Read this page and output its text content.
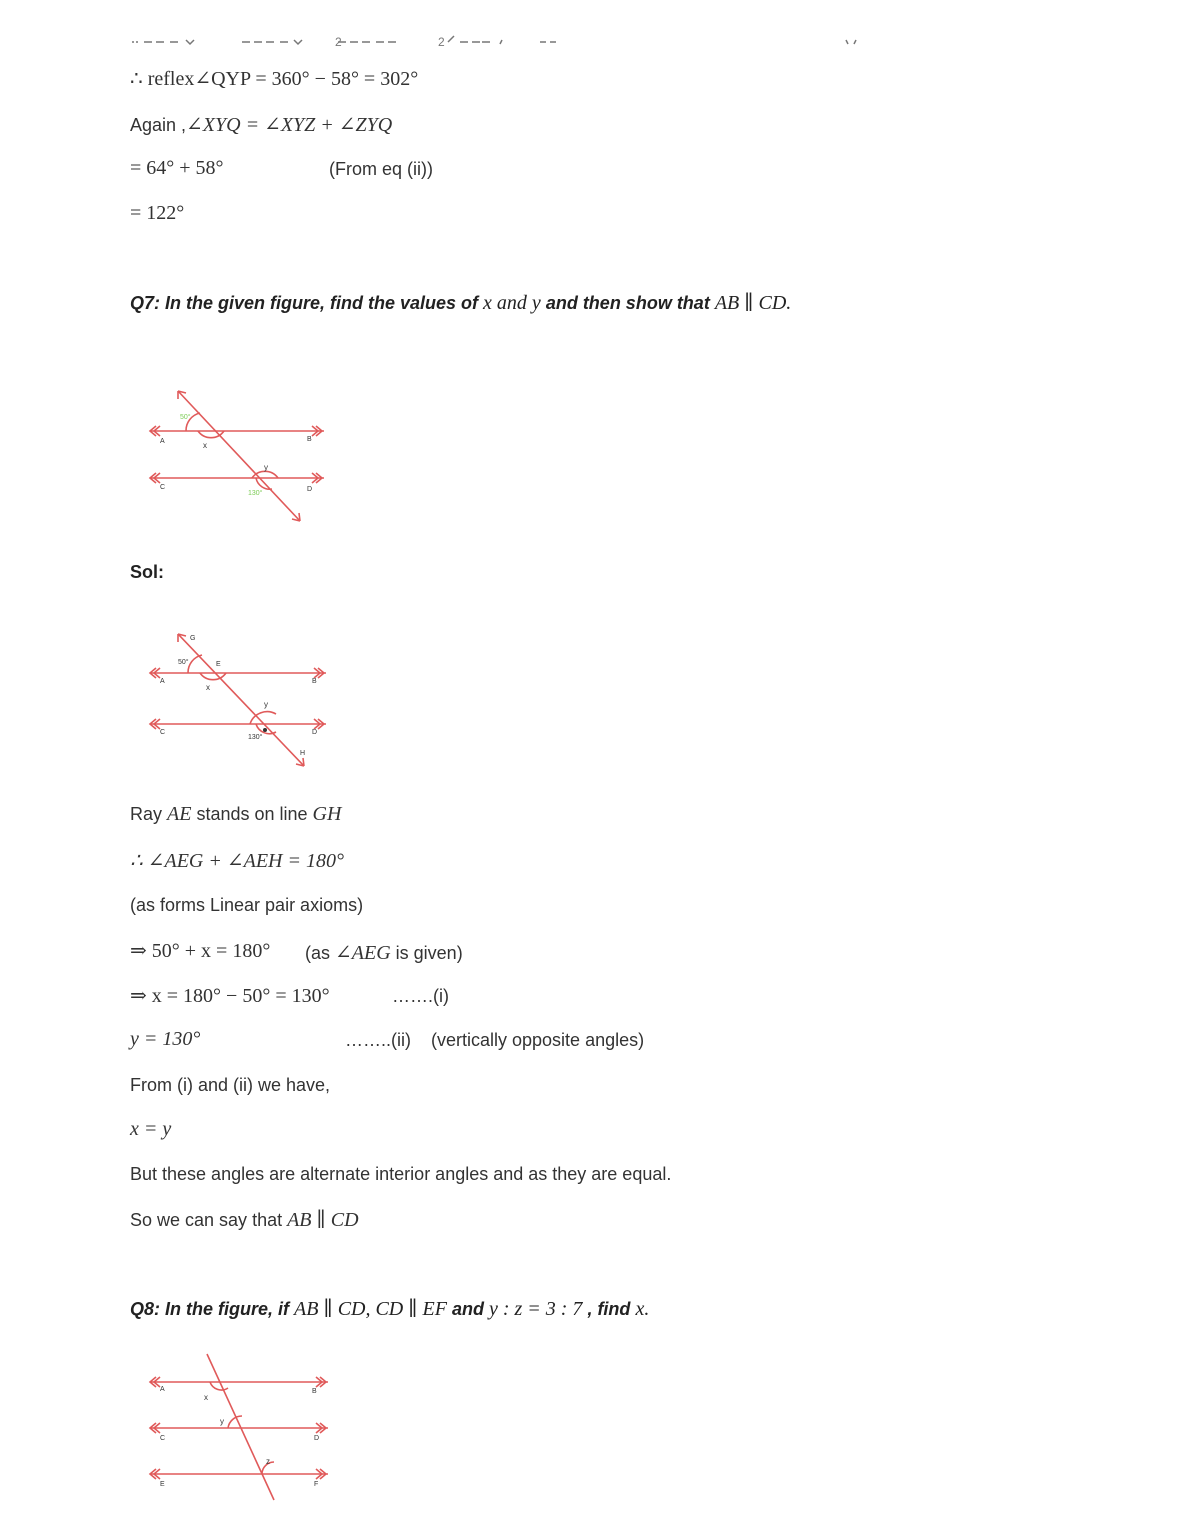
2	2
∴ reflex∠QYP = 360° − 58° = 302°
Again ,∠XYQ = ∠XYZ + ∠ZYQ
= 64° + 58°	(From eq (ii))
= 122°
Q7: In the given figure, find the values of x and y and then show that AB ∥ CD.
A	B
C	D
x
y
50°
130°
Sol:
G
E
A	B
C	D
H
x
y
50°
130°
Ray AE stands on line GH
∴ ∠AEG + ∠AEH = 180°
(as forms Linear pair axioms)
⇒ 50° + x = 180° (as ∠AEG is given)
⇒ x = 180° − 50° = 130°	…….(i)
y = 130°	……..(ii) (vertically opposite angles)
From (i) and (ii) we have,
x = y
But these angles are alternate interior angles and as they are equal.
So we can say that AB ∥ CD
Q8: In the figure, if AB ∥ CD, CD ∥ EF and y : z = 3 : 7 , find x.
A	B
C	D
E	F
x
y
z
